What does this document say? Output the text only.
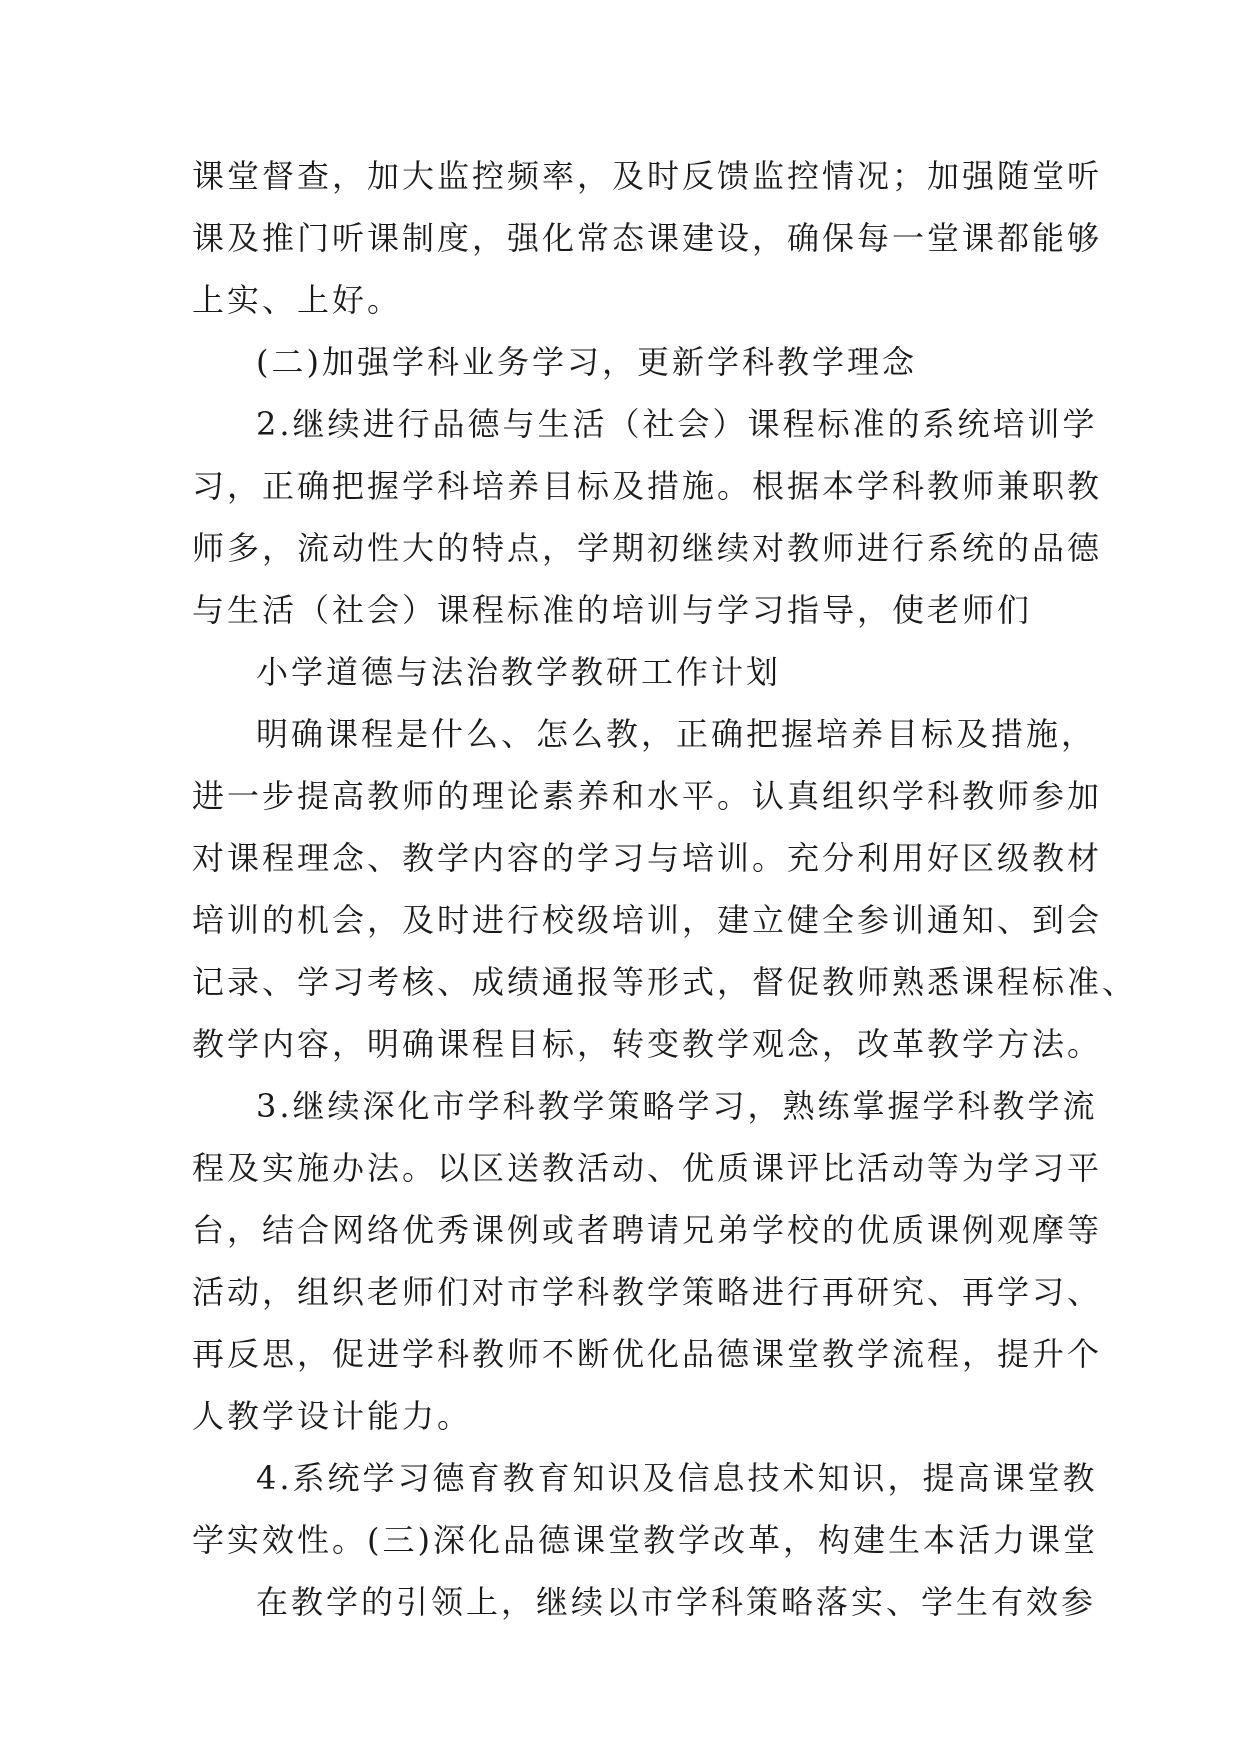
课堂督查，加大监控频率，及时反馈监控情况；加强随堂听
课及推门听课制度，强化常态课建设，确保每一堂课都能够
上实、上好。
(二)加强学科业务学习，更新学科教学理念
2.继续进行品德与生活（社会）课程标准的系统培训学
习，正确把握学科培养目标及措施。根据本学科教师兼职教
师多，流动性大的特点，学期初继续对教师进行系统的品德
与生活（社会）课程标准的培训与学习指导，使老师们
小学道德与法治教学教研工作计划
明确课程是什么、怎么教，正确把握培养目标及措施，
进一步提高教师的理论素养和水平。认真组织学科教师参加
对课程理念、教学内容的学习与培训。充分利用好区级教材
培训的机会，及时进行校级培训，建立健全参训通知、到会
记录、学习考核、成绩通报等形式，督促教师熟悉课程标准、
教学内容，明确课程目标，转变教学观念，改革教学方法。
3.继续深化市学科教学策略学习，熟练掌握学科教学流
程及实施办法。以区送教活动、优质课评比活动等为学习平
台，结合网络优秀课例或者聘请兄弟学校的优质课例观摩等
活动，组织老师们对市学科教学策略进行再研究、再学习、
再反思，促进学科教师不断优化品德课堂教学流程，提升个
人教学设计能力。
4.系统学习德育教育知识及信息技术知识，提高课堂教
学实效性。(三)深化品德课堂教学改革，构建生本活力课堂
在教学的引领上，继续以市学科策略落实、学生有效参
